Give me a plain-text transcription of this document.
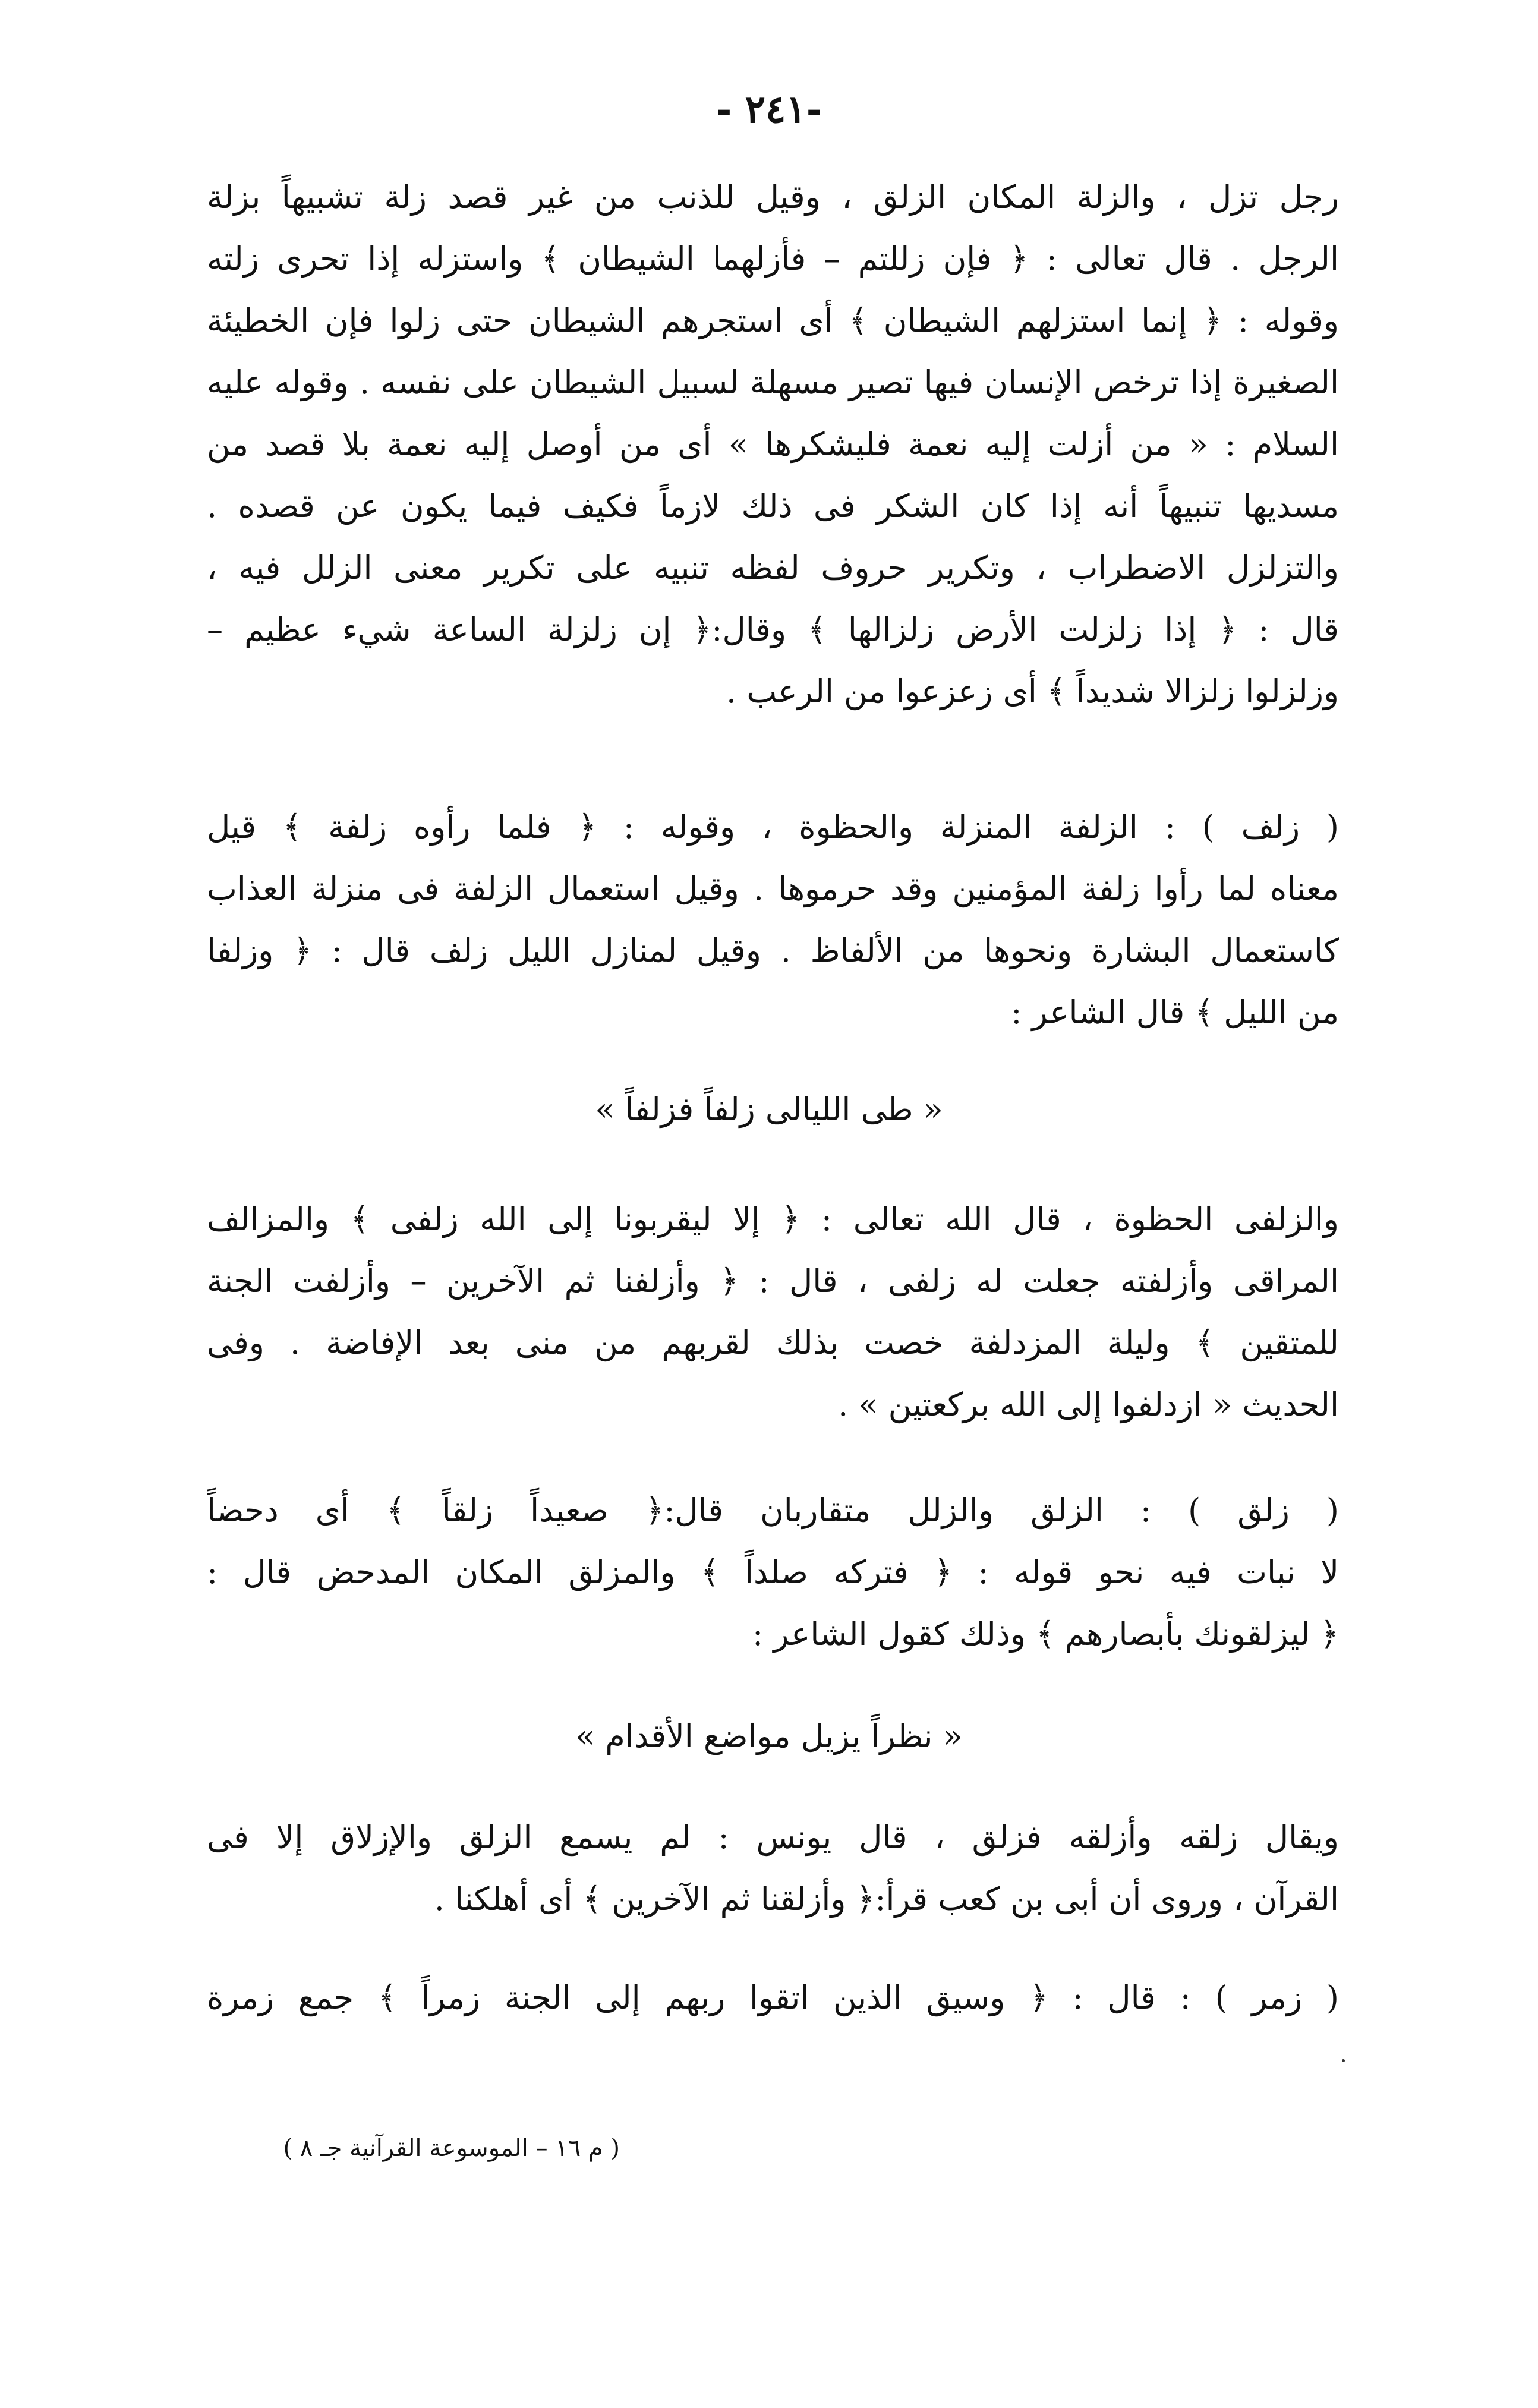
-٢٤١ -
رجل تزل ، والزلة المكان الزلق ، وقيل للذنب من غير قصد زلة تشبيهاً بزلة
الرجل . قال تعالى : ﴿ فإن زللتم – فأزلهما الشيطان ﴾ واستزله إذا تحرى زلته
وقوله : ﴿ إنما استزلهم الشيطان ﴾ أى استجرهم الشيطان حتى زلوا فإن الخطيئة
الصغيرة إذا ترخص الإنسان فيها تصير مسهلة لسبيل الشيطان على نفسه . وقوله عليه
السلام : « من أزلت إليه نعمة فليشكرها » أى من أوصل إليه نعمة بلا قصد من
مسديها تنبيهاً أنه إذا كان الشكر فى ذلك لازماً فكيف فيما يكون عن قصده .
والتزلزل الاضطراب ، وتكرير حروف لفظه تنبيه على تكرير معنى الزلل فيه ،
قال : ﴿ إذا زلزلت الأرض زلزالها ﴾ وقال:﴿ إن زلزلة الساعة شيء عظيم –
وزلزلوا زلزالا شديداً ﴾ أى زعزعوا من الرعب .
( زلف ) : الزلفة المنزلة والحظوة ، وقوله : ﴿ فلما رأوه زلفة ﴾ قيل
معناه لما رأوا زلفة المؤمنين وقد حرموها . وقيل استعمال الزلفة فى منزلة العذاب
كاستعمال البشارة ونحوها من الألفاظ . وقيل لمنازل الليل زلف قال : ﴿ وزلفا
من الليل ﴾ قال الشاعر :
« طى الليالى زلفاً فزلفاً »
والزلفى الحظوة ، قال الله تعالى : ﴿ إلا ليقربونا إلى الله زلفى ﴾ والمزالف
المراقى وأزلفته جعلت له زلفى ، قال : ﴿ وأزلفنا ثم الآخرين – وأزلفت الجنة
للمتقين ﴾ وليلة المزدلفة خصت بذلك لقربهم من منى بعد الإفاضة . وفى
الحديث « ازدلفوا إلى الله بركعتين » .
( زلق ) : الزلق والزلل متقاربان قال:﴿ صعيداً زلقاً ﴾ أى دحضاً
لا نبات فيه نحو قوله : ﴿ فتركه صلداً ﴾ والمزلق المكان المدحض قال :
﴿ ليزلقونك بأبصارهم ﴾ وذلك كقول الشاعر :
« نظراً يزيل مواضع الأقدام »
ويقال زلقه وأزلقه فزلق ، قال يونس : لم يسمع الزلق والإزلاق إلا فى
القرآن ، وروى أن أبى بن كعب قرأ:﴿ وأزلقنا ثم الآخرين ﴾ أى أهلكنا .
( زمر ) : قال : ﴿ وسيق الذين اتقوا ربهم إلى الجنة زمراً ﴾ جمع زمرة
( م ١٦ – الموسوعة القرآنية جـ ٨ )
